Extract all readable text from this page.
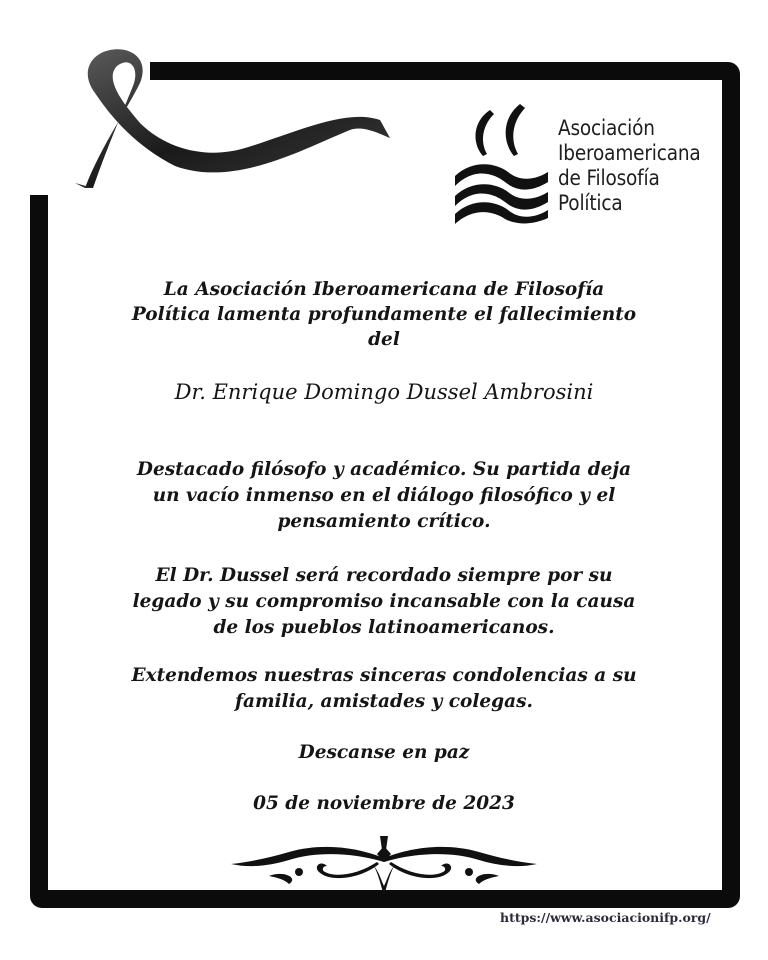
Asociación
Iberoamericana
de Filosofía
Política
La Asociación Iberoamericana de Filosofía
Política lamenta profundamente el fallecimiento
del
Dr. Enrique Domingo Dussel Ambrosini
Destacado filósofo y académico. Su partida deja
un vacío inmenso en el diálogo filosófico y el
pensamiento crítico.
El Dr. Dussel será recordado siempre por su
legado y su compromiso incansable con la causa
de los pueblos latinoamericanos.
Extendemos nuestras sinceras condolencias a su
familia, amistades y colegas.
Descanse en paz
05 de noviembre de 2023
https://www.asociacionifp.org/
